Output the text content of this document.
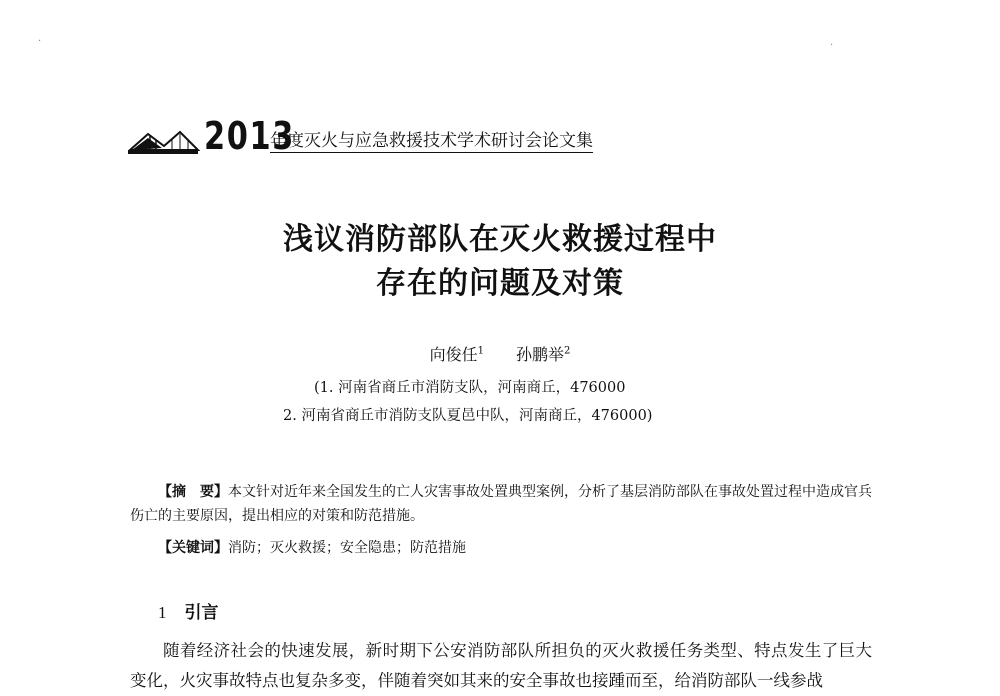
2013
年度灭火与应急救援技术学术研讨会论文集
浅议消防部队在灭火救援过程中
存在的问题及对策
向俊任$^1$ 孙鹏举$^2$
(1. 河南省商丘市消防支队，河南商丘，476000
2. 河南省商丘市消防支队夏邑中队，河南商丘，476000)
【摘　要】本文针对近年来全国发生的亡人灾害事故处置典型案例，分析了基层消防部队在事故处置过程中造成官兵伤亡的主要原因，提出相应的对策和防范措施。
【关键词】消防；灭火救援；安全隐患；防范措施
1 引言
随着经济社会的快速发展，新时期下公安消防部队所担负的灭火救援任务类型、特点发生了巨大变化，火灾事故特点也复杂多变，伴随着突如其来的安全事故也接踵而至，给消防部队一线参战
·	·
